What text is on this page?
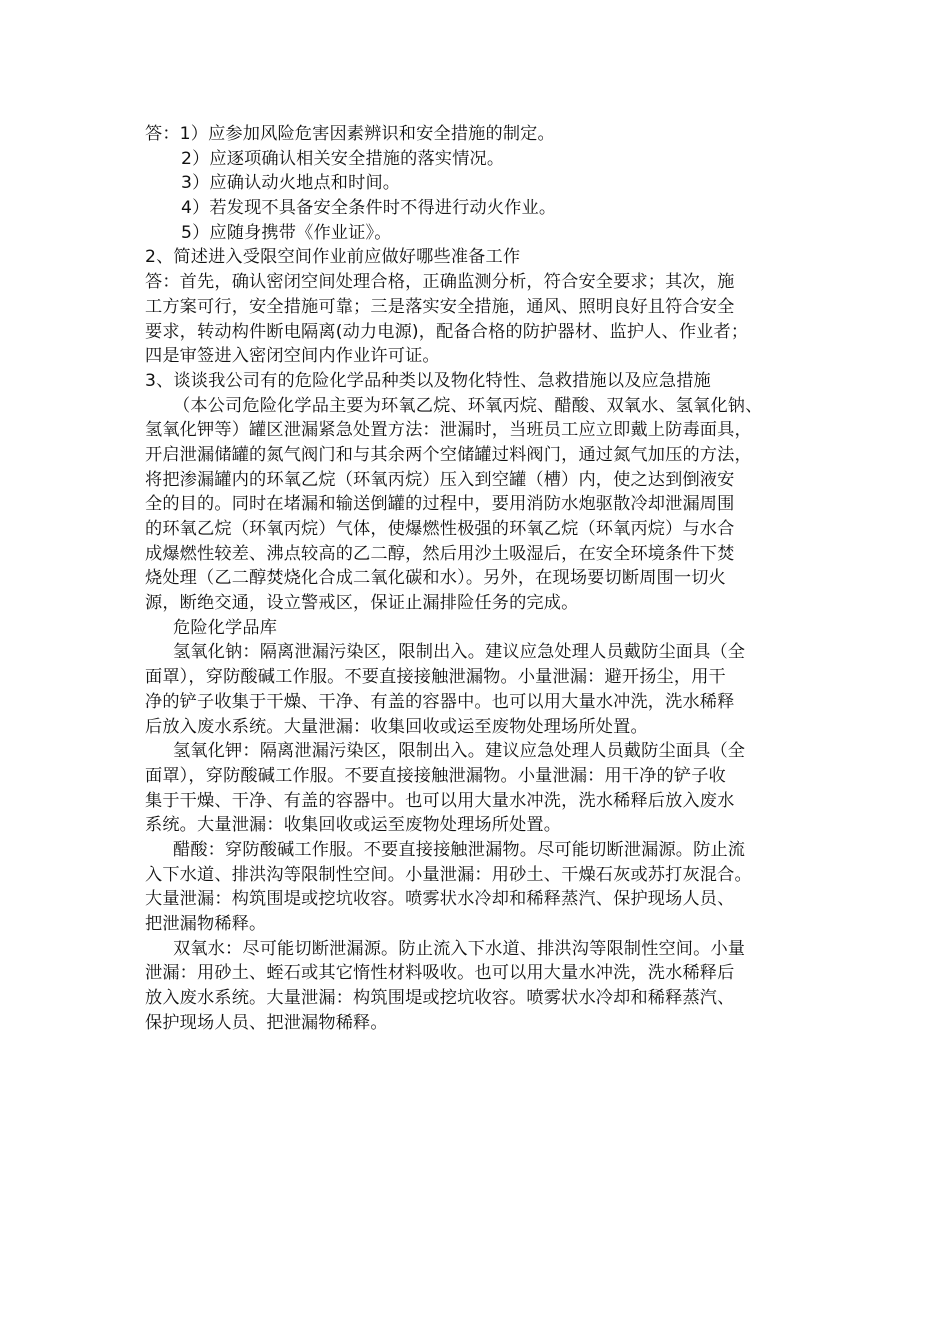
答：1）应参加风险危害因素辨识和安全措施的制定。
2）应逐项确认相关安全措施的落实情况。
3）应确认动火地点和时间。
4）若发现不具备安全条件时不得进行动火作业。
5）应随身携带《作业证》。
2、简述进入受限空间作业前应做好哪些准备工作
答：首先，确认密闭空间处理合格，正确监测分析，符合安全要求；其次，施
工方案可行，安全措施可靠；三是落实安全措施，通风、照明良好且符合安全
要求，转动构件断电隔离(动力电源)，配备合格的防护器材、监护人、作业者；
四是审签进入密闭空间内作业许可证。
3、谈谈我公司有的危险化学品种类以及物化特性、急救措施以及应急措施
（本公司危险化学品主要为环氧乙烷、环氧丙烷、醋酸、双氧水、氢氧化钠、
氢氧化钾等）罐区泄漏紧急处置方法：泄漏时，当班员工应立即戴上防毒面具，
开启泄漏储罐的氮气阀门和与其余两个空储罐过料阀门，通过氮气加压的方法，
将把渗漏罐内的环氧乙烷（环氧丙烷）压入到空罐（槽）内，使之达到倒液安
全的目的。同时在堵漏和输送倒罐的过程中，要用消防水炮驱散冷却泄漏周围
的环氧乙烷（环氧丙烷）气体，使爆燃性极强的环氧乙烷（环氧丙烷）与水合
成爆燃性较差、沸点较高的乙二醇，然后用沙土吸湿后，在安全环境条件下焚
烧处理（乙二醇焚烧化合成二氧化碳和水）。另外，在现场要切断周围一切火
源，断绝交通，设立警戒区，保证止漏排险任务的完成。
危险化学品库
氢氧化钠：隔离泄漏污染区，限制出入。建议应急处理人员戴防尘面具（全
面罩），穿防酸碱工作服。不要直接接触泄漏物。小量泄漏：避开扬尘，用干
净的铲子收集于干燥、干净、有盖的容器中。也可以用大量水冲洗，洗水稀释
后放入废水系统。大量泄漏：收集回收或运至废物处理场所处置。
氢氧化钾：隔离泄漏污染区，限制出入。建议应急处理人员戴防尘面具（全
面罩），穿防酸碱工作服。不要直接接触泄漏物。小量泄漏：用干净的铲子收
集于干燥、干净、有盖的容器中。也可以用大量水冲洗，洗水稀释后放入废水
系统。大量泄漏：收集回收或运至废物处理场所处置。
醋酸：穿防酸碱工作服。不要直接接触泄漏物。尽可能切断泄漏源。防止流
入下水道、排洪沟等限制性空间。小量泄漏：用砂土、干燥石灰或苏打灰混合。
大量泄漏：构筑围堤或挖坑收容。喷雾状水冷却和稀释蒸汽、保护现场人员、
把泄漏物稀释。
双氧水：尽可能切断泄漏源。防止流入下水道、排洪沟等限制性空间。小量
泄漏：用砂土、蛭石或其它惰性材料吸收。也可以用大量水冲洗，洗水稀释后
放入废水系统。大量泄漏：构筑围堤或挖坑收容。喷雾状水冷却和稀释蒸汽、
保护现场人员、把泄漏物稀释。
